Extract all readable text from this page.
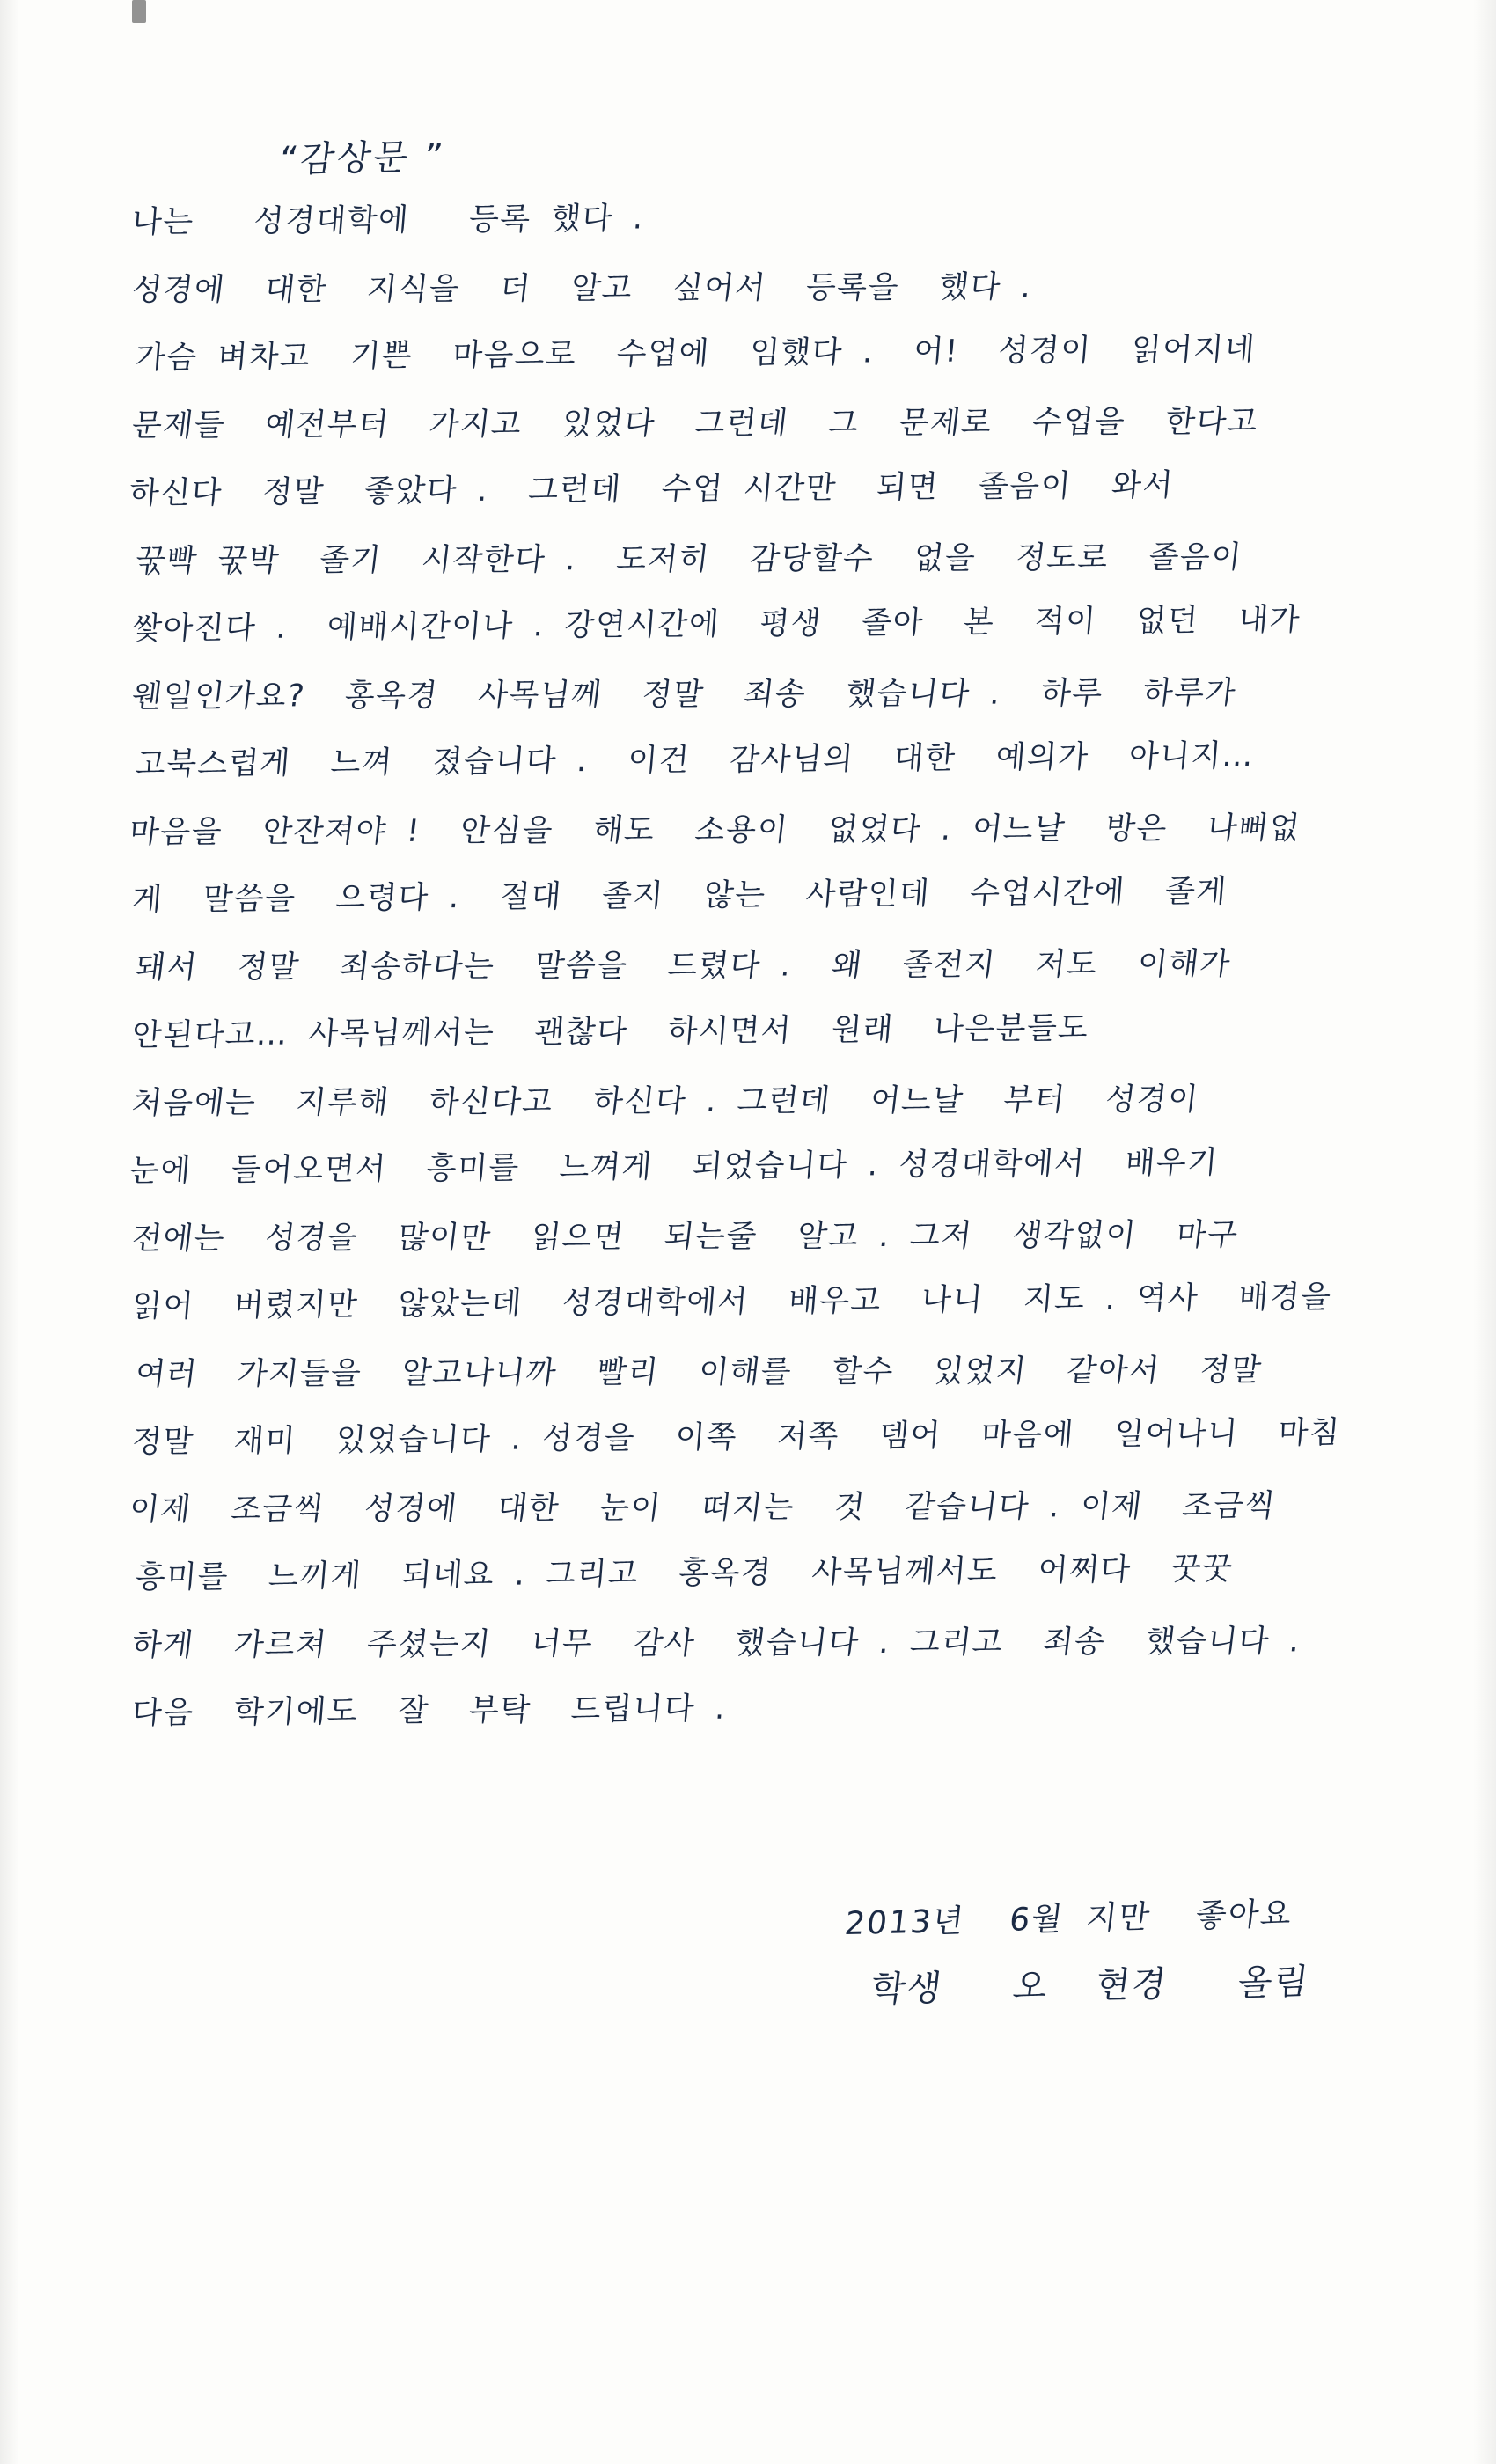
“감상문 ”
나는   성경대학에   등록 했다 .
성경에  대한  지식을  더  알고  싶어서  등록을  했다 .
가슴 벼차고  기쁜  마음으로  수업에  임했다 .  어!  성경이  읽어지네
문제들  예전부터  가지고  있었다  그런데  그  문제로  수업을  한다고
하신다  정말  좋았다 .  그런데  수업 시간만  되면  졸음이  와서
꾻빡 꾻박  졸기  시작한다 .  도저히  감당할수  없을  정도로  졸음이
쌏아진다 .  예배시간이나 . 강연시간에  평생  졸아  본  적이  없던  내가
웬일인가요?  홍옥경  사목님께  정말  죄송  했습니다 .  하루  하루가
고북스럽게  느껴  졌습니다 .  이건  감사님의  대한  예의가  아니지…
마음을  안잔져야 !  안심을  해도  소용이  없었다 . 어느날  방은  나뻐없
게  말씀을  으령다 .  절대  졸지  않는  사람인데  수업시간에  졸게
돼서  정말  죄송하다는  말씀을  드렸다 .  왜  졸전지  저도  이해가
안된다고… 사목님께서는  괜찮다  하시면서  원래  나은분들도
처음에는  지루해  하신다고  하신다 . 그런데  어느날  부터  성경이
눈에  들어오면서  흥미를  느껴게  되었습니다 . 성경대학에서  배우기
전에는  성경을  많이만  읽으면  되는줄  알고 . 그저  생각없이  마구
읽어  버렸지만  않았는데  성경대학에서  배우고  나니  지도 . 역사  배경을
여러  가지들을  알고나니까  빨리  이해를  할수  있었지  같아서  정말
정말  재미  있었습니다 . 성경을  이쪽  저쪽  뎀어  마음에  일어나니  마침
이제  조금씩  성경에  대한  눈이  떠지는  것  같습니다 . 이제  조금씩
흥미를  느끼게  되네요 . 그리고  홍옥경  사목님께서도  어쩌다  꿋꿋
하게  가르쳐  주셨는지  너무  감사  했습니다 . 그리고  죄송  했습니다 .
다음  학기에도  잘  부탁  드립니다 .
2013년  6월 지만  좋아요
학생   오  현경   올림
